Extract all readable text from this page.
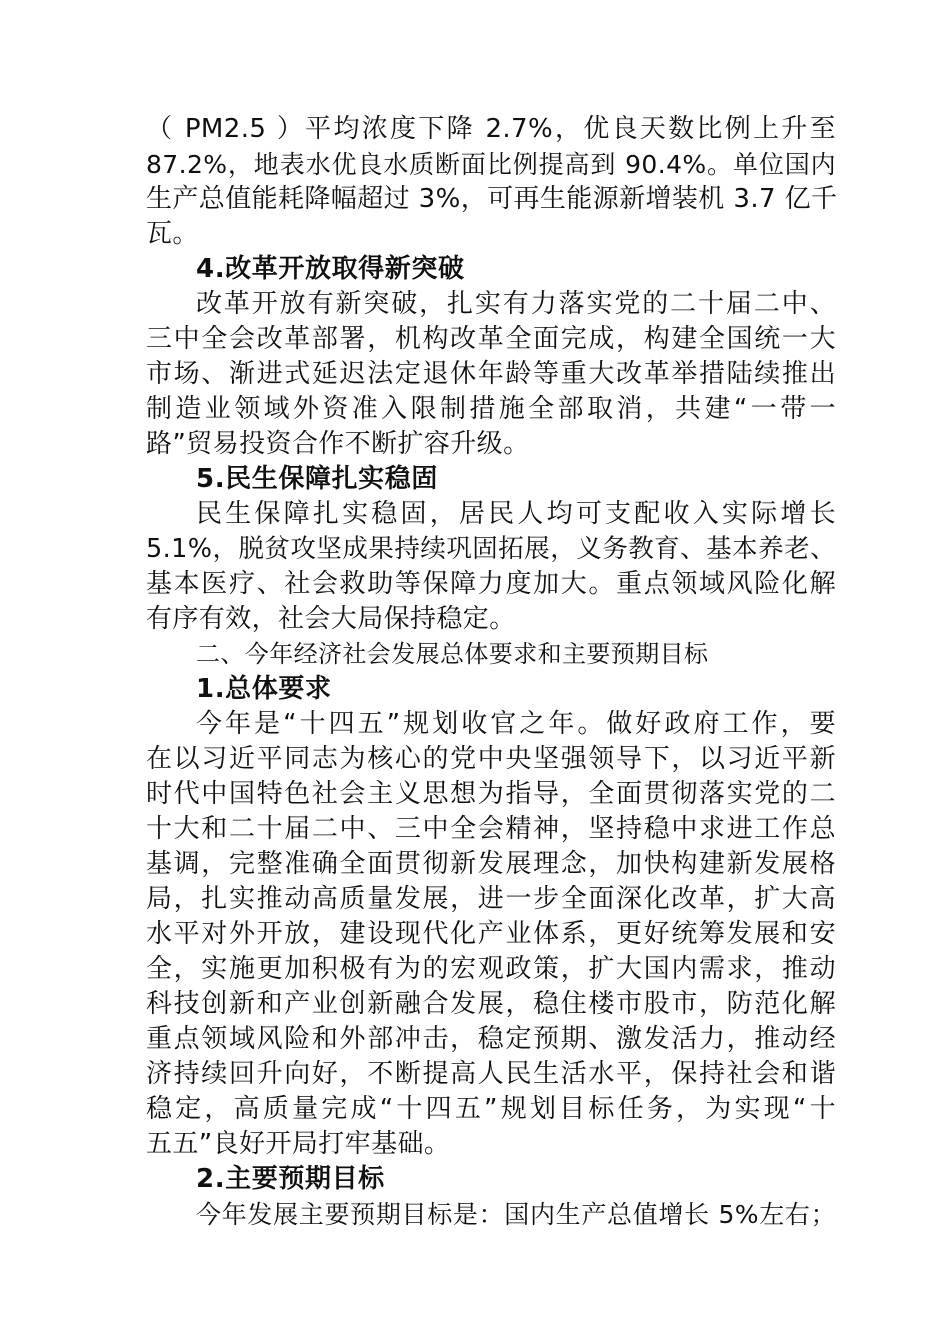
（ PM2.5 ）平均浓度下降 2.7%，优良天数比例上升至
87.2%，地表水优良水质断面比例提高到 90.4%。单位国内
生产总值能耗降幅超过 3%，可再生能源新增装机 3.7 亿千
瓦。
4.改革开放取得新突破
改革开放有新突破，扎实有力落实党的二十届二中、
三中全会改革部署，机构改革全面完成，构建全国统一大
市场、渐进式延迟法定退休年龄等重大改革举措陆续推出
制造业领域外资准入限制措施全部取消，共建“一带一
路”贸易投资合作不断扩容升级。
5.民生保障扎实稳固
民生保障扎实稳固，居民人均可支配收入实际增长
5.1%，脱贫攻坚成果持续巩固拓展，义务教育、基本养老、
基本医疗、社会救助等保障力度加大。重点领域风险化解
有序有效，社会大局保持稳定。
二、今年经济社会发展总体要求和主要预期目标
1.总体要求
今年是“十四五”规划收官之年。做好政府工作，要
在以习近平同志为核心的党中央坚强领导下，以习近平新
时代中国特色社会主义思想为指导，全面贯彻落实党的二
十大和二十届二中、三中全会精神，坚持稳中求进工作总
基调，完整准确全面贯彻新发展理念，加快构建新发展格
局，扎实推动高质量发展，进一步全面深化改革，扩大高
水平对外开放，建设现代化产业体系，更好统筹发展和安
全，实施更加积极有为的宏观政策，扩大国内需求，推动
科技创新和产业创新融合发展，稳住楼市股市，防范化解
重点领域风险和外部冲击，稳定预期、激发活力，推动经
济持续回升向好，不断提高人民生活水平，保持社会和谐
稳定，高质量完成“十四五”规划目标任务，为实现“十
五五”良好开局打牢基础。
2.主要预期目标
今年发展主要预期目标是：国内生产总值增长 5%左右；
